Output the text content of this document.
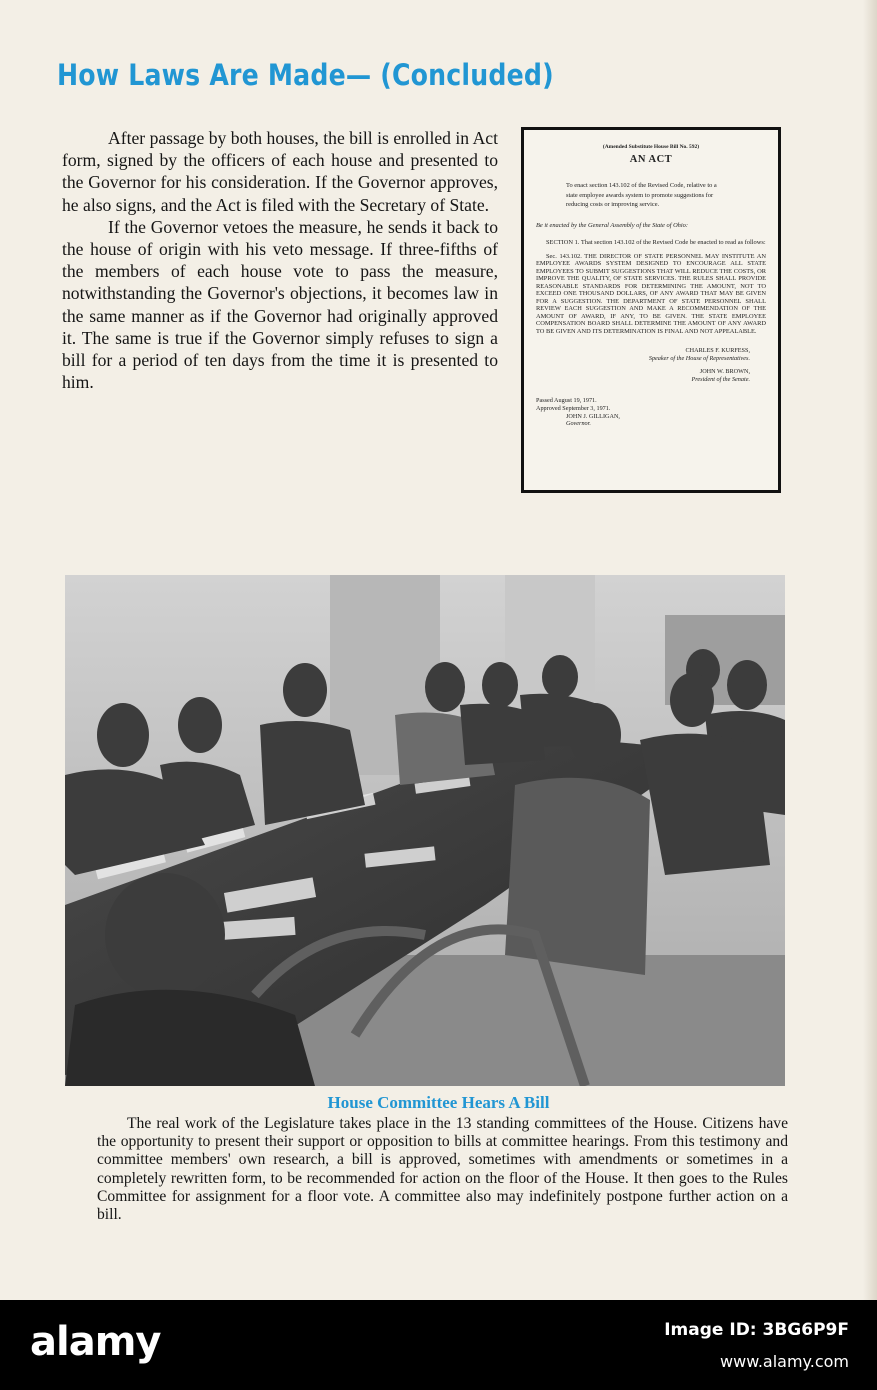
How Laws Are Made— (Concluded)

After passage by both houses, the bill is enrolled in Act form, signed by the officers of each house and presented to the Governor for his consideration. If the Governor approves, he also signs, and the Act is filed with the Secretary of State.

If the Governor vetoes the measure, he sends it back to the house of origin with his veto message. If three-fifths of the members of each house vote to pass the measure, notwithstanding the Governor's objections, it becomes law in the same manner as if the Governor had originally approved it. The same is true if the Governor simply refuses to sign a bill for a period of ten days from the time it is presented to him.

(Amended Substitute House Bill No. 592)
AN ACT
To enact section 143.102 of the Revised Code, relative to a state employee awards system to promote suggestions for reducing costs or improving service.
Be it enacted by the General Assembly of the State of Ohio:
SECTION 1. That section 143.102 of the Revised Code be enacted to read as follows:
Sec. 143.102. THE DIRECTOR OF STATE PERSONNEL MAY INSTITUTE AN EMPLOYEE AWARDS SYSTEM DESIGNED TO ENCOURAGE ALL STATE EMPLOYEES TO SUBMIT SUGGESTIONS THAT WILL REDUCE THE COSTS, OR IMPROVE THE QUALITY, OF STATE SERVICES. THE RULES SHALL PROVIDE REASONABLE STANDARDS FOR DETERMINING THE AMOUNT, NOT TO EXCEED ONE THOUSAND DOLLARS, OF ANY AWARD THAT MAY BE GIVEN FOR A SUGGESTION. THE DEPARTMENT OF STATE PERSONNEL SHALL REVIEW EACH SUGGESTION AND MAKE A RECOMMENDATION OF THE AMOUNT OF AWARD, IF ANY, TO BE GIVEN. THE STATE EMPLOYEE COMPENSATION BOARD SHALL DETERMINE THE AMOUNT OF ANY AWARD TO BE GIVEN AND ITS DETERMINATION IS FINAL AND NOT APPEALABLE.
CHARLES F. KURFESS,
Speaker of the House of Representatives.
JOHN W. BROWN,
President of the Senate.
Passed August 19, 1971.
Approved September 3, 1971.
JOHN J. GILLIGAN,
Governor.
House Committee Hears A Bill

The real work of the Legislature takes place in the 13 standing committees of the House. Citizens have the opportunity to present their support or opposition to bills at committee hearings. From this testimony and committee members' own research, a bill is approved, sometimes with amendments or sometimes in a completely rewritten form, to be recommended for action on the floor of the House. It then goes to the Rules Committee for assignment for a floor vote. A committee also may indefinitely postpone further action on a bill.

alamy	Image ID: 3BG6P9F
www.alamy.com
